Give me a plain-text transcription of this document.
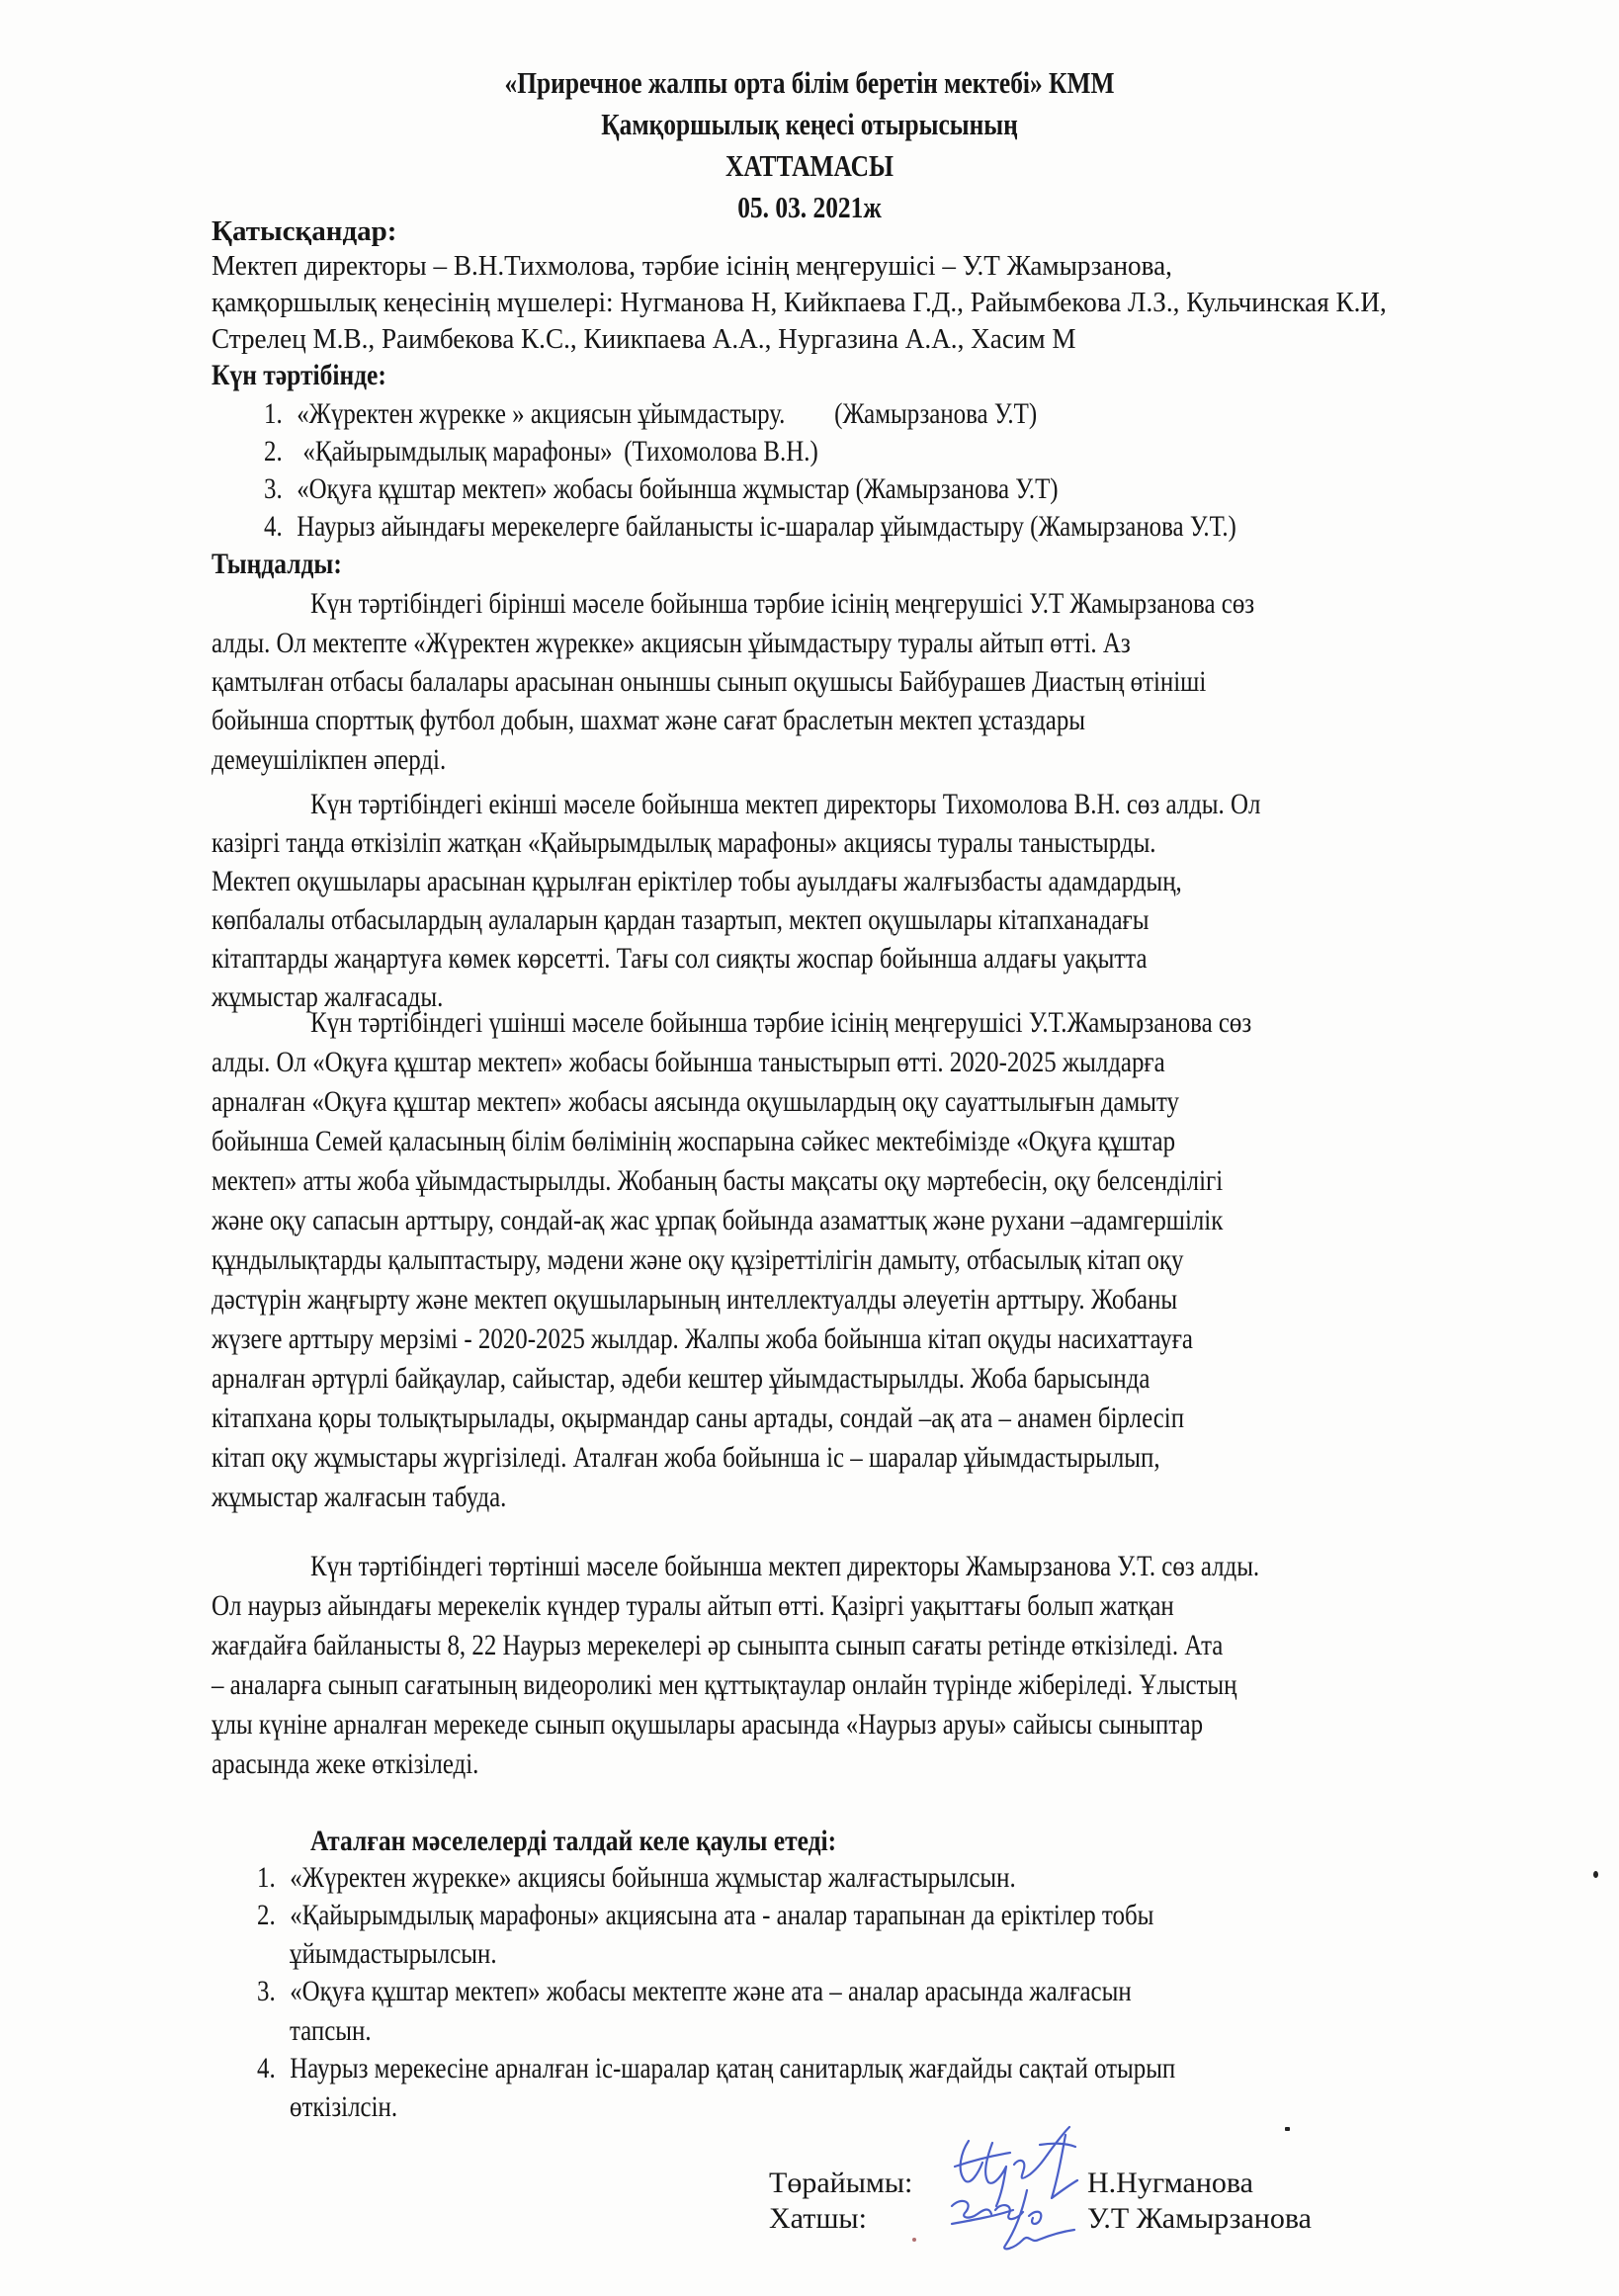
«Приречное жалпы орта білім беретін мектебі» КММ
Қамқоршылық кеңесі отырысының
ХАТТАМАСЫ
05. 03. 2021ж
Қатысқандар:
Мектеп директоры – В.Н.Тихмолова, тәрбие ісінің меңгерушісі – У.Т Жамырзанова,
қамқоршылық кеңесінің мүшелері: Нугманова Н, Кийкпаева Г.Д., Райымбекова Л.З., Кульчинская К.И,
Стрелец М.В., Раимбекова К.С., Киикпаева А.А., Нургазина А.А., Хасим М
Күн тәртібінде:
1. «Жүректен жүрекке » акциясын ұйымдастыру. (Жамырзанова У.Т)
2. «Қайырымдылық марафоны» (Тихомолова В.Н.)
3. «Оқуға құштар мектеп» жобасы бойынша жұмыстар (Жамырзанова У.Т)
4. Наурыз айындағы мерекелерге байланысты іс-шаралар ұйымдастыру (Жамырзанова У.Т.)
Тыңдалды:
Күн тәртібіндегі бірінші мәселе бойынша тәрбие ісінің меңгерушісі У.Т Жамырзанова сөз
алды. Ол мектепте «Жүректен жүрекке» акциясын ұйымдастыру туралы айтып өтті. Аз
қамтылған отбасы балалары арасынан оныншы сынып оқушысы Байбурашев Диастың өтініші
бойынша спорттық футбол добын, шахмат және сағат браслетын мектеп ұстаздары
демеушілікпен әперді.
Күн тәртібіндегі екінші мәселе бойынша мектеп директоры Тихомолова В.Н. сөз алды. Ол
казіргі таңда өткізіліп жатқан «Қайырымдылық марафоны» акциясы туралы таныстырды.
Мектеп оқушылары арасынан құрылған еріктілер тобы ауылдағы жалғызбасты адамдардың,
көпбалалы отбасылардың аулаларын қардан тазартып, мектеп оқушылары кітапханадағы
кітаптарды жаңартуға көмек көрсетті. Тағы сол сияқты жоспар бойынша алдағы уақытта
жұмыстар жалғасады.
Күн тәртібіндегі үшінші мәселе бойынша тәрбие ісінің меңгерушісі У.Т.Жамырзанова сөз
алды. Ол «Оқуға құштар мектеп» жобасы бойынша таныстырып өтті. 2020-2025 жылдарға
арналған «Оқуға құштар мектеп» жобасы аясында оқушылардың оқу сауаттылығын дамыту
бойынша Семей қаласының білім бөлімінің жоспарына сәйкес мектебімізде «Оқуға құштар
мектеп» атты жоба ұйымдастырылды. Жобаның басты мақсаты оқу мәртебесін, оқу белсенділігі
және оқу сапасын арттыру, сондай-ақ жас ұрпақ бойында азаматтық және рухани –адамгершілік
құндылықтарды қалыптастыру, мәдени және оқу құзіреттілігін дамыту, отбасылық кітап оқу
дәстүрін жаңғырту және мектеп оқушыларының интеллектуалды әлеуетін арттыру. Жобаны
жүзеге арттыру мерзімі - 2020-2025 жылдар. Жалпы жоба бойынша кітап оқуды насихаттауға
арналған әртүрлі байқаулар, сайыстар, әдеби кештер ұйымдастырылды. Жоба барысында
кітапхана қоры толықтырылады, оқырмандар саны артады, сондай –ақ ата – анамен бірлесіп
кітап оқу жұмыстары жүргізіледі. Аталған жоба бойынша іс – шаралар ұйымдастырылып,
жұмыстар жалғасын табуда.
Күн тәртібіндегі төртінші мәселе бойынша мектеп директоры Жамырзанова У.Т. сөз алды.
Ол наурыз айындағы мерекелік күндер туралы айтып өтті. Қазіргі уақыттағы болып жатқан
жағдайға байланысты 8, 22 Наурыз мерекелері әр сыныпта сынып сағаты ретінде өткізіледі. Ата
– аналарға сынып сағатының видеороликі мен құттықтаулар онлайн түрінде жіберіледі. Ұлыстың
ұлы күніне арналған мерекеде сынып оқушылары арасында «Наурыз аруы» сайысы сыныптар
арасында жеке өткізіледі.
Аталған мәселелерді талдай келе қаулы етеді:
1. «Жүректен жүрекке» акциясы бойынша жұмыстар жалғастырылсын.
2. «Қайырымдылық марафоны» акциясына ата - аналар тарапынан да еріктілер тобы
ұйымдастырылсын.
3. «Оқуға құштар мектеп» жобасы мектепте және ата – аналар арасында жалғасын
тапсын.
4. Наурыз мерекесіне арналған іс-шаралар қатаң санитарлық жағдайды сақтай отырып
өткізілсін.
Төрайымы:	Н.Нугманова
Хатшы:	У.Т Жамырзанова
